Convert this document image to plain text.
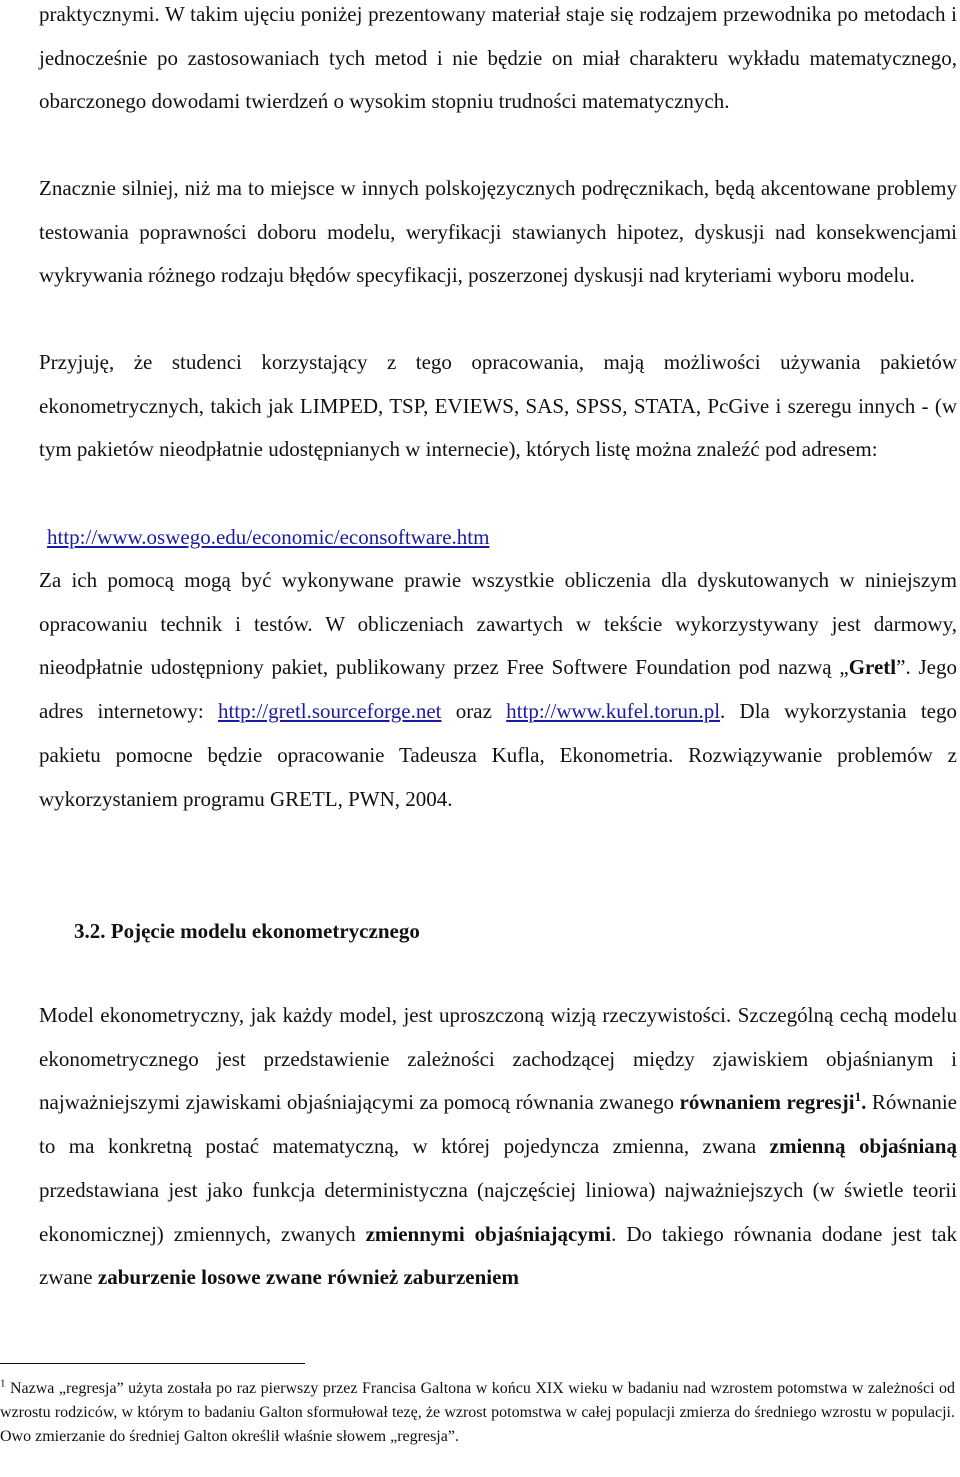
praktycznymi. W takim ujęciu poniżej prezentowany materiał staje się rodzajem przewodnika po metodach i jednocześnie po zastosowaniach tych metod i nie będzie on miał charakteru wykładu matematycznego, obarczonego dowodami twierdzeń o wysokim stopniu trudności matematycznych.

Znacznie silniej, niż ma to miejsce w innych polskojęzycznych podręcznikach, będą akcentowane problemy testowania poprawności doboru modelu, weryfikacji stawianych hipotez, dyskusji nad konsekwencjami wykrywania różnego rodzaju błędów specyfikacji, poszerzonej dyskusji nad kryteriami wyboru modelu.

Przyjuję, że studenci korzystający z tego opracowania, mają możliwości używania pakietów ekonometrycznych, takich jak LIMPED, TSP, EVIEWS, SAS, SPSS, STATA, PcGive i szeregu innych - (w tym pakietów nieodpłatnie udostępnianych w internecie), których listę można znaleźć pod adresem:

http://www.oswego.edu/economic/econsoftware.htm

Za ich pomocą mogą być wykonywane prawie wszystkie obliczenia dla dyskutowanych w niniejszym opracowaniu technik i testów. W obliczeniach zawartych w tekście wykorzystywany jest darmowy, nieodpłatnie udostępniony pakiet, publikowany przez Free Softwere Foundation pod nazwą „Gretl”. Jego adres internetowy: http://gretl.sourceforge.net oraz http://www.kufel.torun.pl. Dla wykorzystania tego pakietu pomocne będzie opracowanie Tadeusza Kufla, Ekonometria. Rozwiązywanie problemów z wykorzystaniem programu GRETL, PWN, 2004.

3.2. Pojęcie modelu ekonometrycznego

Model ekonometryczny, jak każdy model, jest uproszczoną wizją rzeczywistości. Szczególną cechą modelu ekonometrycznego jest przedstawienie zależności zachodzącej między zjawiskiem objaśnianym i najważniejszymi zjawiskami objaśniającymi za pomocą równania zwanego równaniem regresji$^1$. Równanie to ma konkretną postać matematyczną, w której pojedyncza zmienna, zwana zmienną objaśnianą przedstawiana jest jako funkcja deterministyczna (najczęściej liniowa) najważniejszych (w świetle teorii ekonomicznej) zmiennych, zwanych zmiennymi objaśniającymi. Do takiego równania dodane jest tak zwane zaburzenie losowe zwane również zaburzeniem

$^1$ Nazwa „regresja” użyta została po raz pierwszy przez Francisa Galtona w końcu XIX wieku w badaniu nad wzrostem potomstwa w zależności od wzrostu rodziców, w którym to badaniu Galton sformułował tezę, że wzrost potomstwa w całej populacji zmierza do średniego wzrostu w populacji. Owo zmierzanie do średniej Galton określił właśnie słowem „regresja”.
